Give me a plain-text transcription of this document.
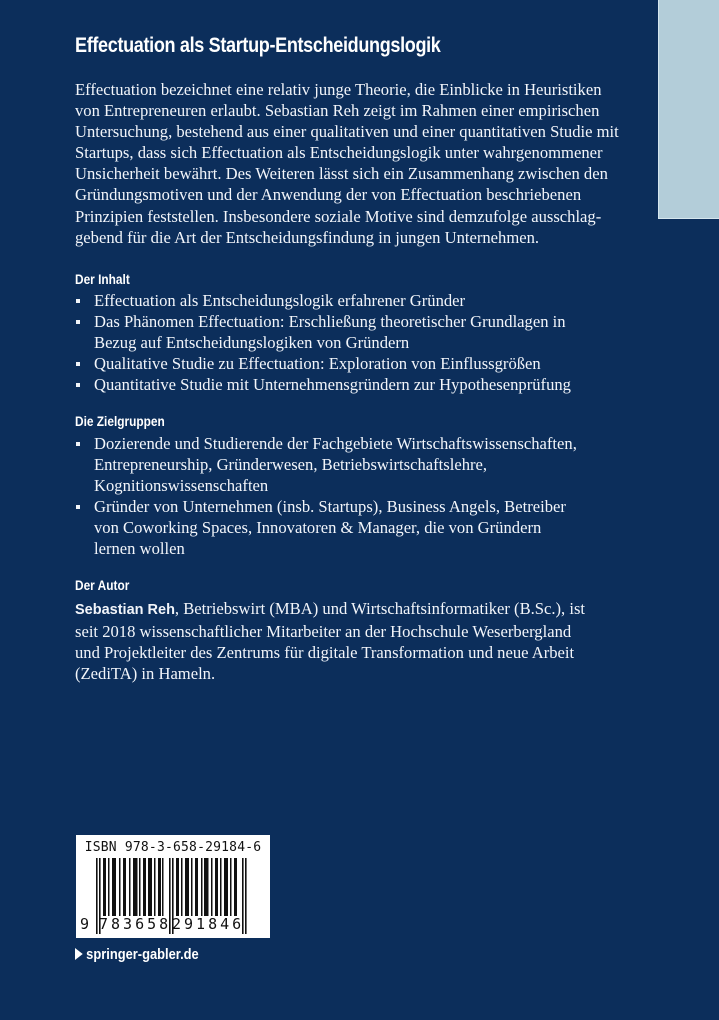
Effectuation als Startup-Entscheidungslogik
Effectuation bezeichnet eine relativ junge Theorie, die Einblicke in Heuristiken
von Entrepreneuren erlaubt. Sebastian Reh zeigt im Rahmen einer empirischen
Untersuchung, bestehend aus einer qualitativen und einer quantitativen Studie mit
Startups, dass sich Effectuation als Entscheidungslogik unter wahrgenommener
Unsicherheit bewährt. Des Weiteren lässt sich ein Zusammenhang zwischen den
Gründungsmotiven und der Anwendung der von Effectuation beschriebenen
Prinzipien feststellen. Insbesondere soziale Motive sind demzufolge ausschlag-
gebend für die Art der Entscheidungsfindung in jungen Unternehmen.
Der Inhalt
Effectuation als Entscheidungslogik erfahrener Gründer
Das Phänomen Effectuation: Erschließung theoretischer Grundlagen in
Bezug auf Entscheidungslogiken von Gründern
Qualitative Studie zu Effectuation: Exploration von Einflussgrößen
Quantitative Studie mit Unternehmensgründern zur Hypothesenprüfung
Die Zielgruppen
Dozierende und Studierende der Fachgebiete Wirtschaftswissenschaften,
Entrepreneurship, Gründerwesen, Betriebswirtschaftslehre,
Kognitionswissenschaften
Gründer von Unternehmen (insb. Startups), Business Angels, Betreiber
von Coworking Spaces, Innovatoren & Manager, die von Gründern
lernen wollen
Der Autor
Sebastian Reh, Betriebswirt (MBA) und Wirtschaftsinformatiker (B.Sc.), ist
seit 2018 wissenschaftlicher Mitarbeiter an der Hochschule Weserbergland
und Projektleiter des Zentrums für digitale Transformation und neue Arbeit
(ZediTA) in Hameln.
ISBN 978-3-658-29184-6
9 783658 291846
springer-gabler.de
